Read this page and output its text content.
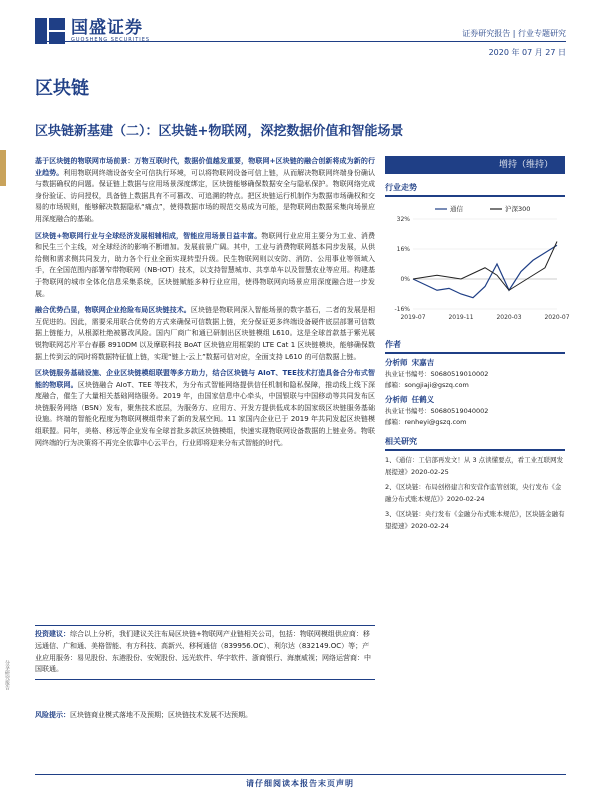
国盛证券
GUOSHENG SECURITIES
证券研究报告 | 行业专题研究
2020 年 07 月 27 日
区块链
区块链新基建（二）：区块链+物联网，深挖数据价值和智能场景

基于区块链的物联网市场前景：万物互联时代，数据价值越发重要，物联网+区块链的融合创新将成为新的行业趋势。利用物联网终端设备安全可信执行环境，可以将物联网设备可信上链，从而解决物联网终端身份确认与数据确权的问题。保证链上数据与应用场景深度绑定，区块链能够确保数据安全与隐私保护。物联网络完成身份验证、访问授权，具备链上数据具有不可篡改、可追溯的特点。把区块链运行机制作为数据市场确权和交易的市场规则，能够解决数据隐私“痛点”，使得数据市场的规范交易成为可能，是物联网由数据采集向场景应用深度融合的基础。

区块链+物联网行业与全球经济发展相辅相成，智能应用场景日益丰富。物联网行业应用主要分为工业、消费和民生三个主线，对全球经济的影响不断增加。发展前景广阔。其中，工业与消费物联网基本同步发展，从供给侧和需求侧共同发力，助力各个行业全面实现转型升级。民生物联网则以安防、消防、公用事业等领域入手，在全国范围内部署窄带物联网（NB-IOT）技术，以支持智慧城市、共享单车以及智慧农业等应用。构建基于物联网的城市全体化信息采集系统，区块链赋能多种行业应用，使得物联网向场景应用深度融合进一步发展。

融合优势凸显，物联网企业抢险布局区块链技术。区块链是物联网深入智能场景的数字基石，二者的发展是相互促进的。因此，需要采用联合优势的方式来确保可信数据上链，充分保证更多终端设备硬件底层部署可信数据上链能力，从根源杜绝被篡改风险。国内厂商广和通已研制出区块链模组 L610。这是全球首款基于紫光展锐物联网芯片平台春藤 8910DM 以及摩联科技 BoAT 区块链应用框架的 LTE Cat 1 区块链模块，能够确保数据上传到云的同时将数据特征值上链，实现“链上-云上”数据可信对应，全面支持 L610 的可信数据上链。

区块链服务基础设施、企业区块链模组联盟等多方助力，结合区块链与 AIoT、TEE技术打造具备合分布式智能的物联网。区块链融合 AIoT、TEE 等技术，为分布式智能网络提供信任机制和隐私保障，推动线上线下深度融合，催生了大量相关基础网络服务。2019 年，由国家信息中心牵头，中国银联与中国移动等共同发布区块链服务网络（BSN）发布，聚焦技术底层，为服务方、应用方、开发方提供低成本的国家级区块链服务基础设施。终端的智能化程度为物联网模组带来了新的发展空间。11 家国内企业已于 2019 年共同发起区块链模组联盟。同年，美格、移远等企业发布全球首批多款区块链模组，快速实现物联网设备数据的上链业务。物联网终端的行为决策将不再完全依靠中心云平台，行业即将迎来分布式智能的时代。

投资建议：综合以上分析，我们建议关注布局区块链+物联网产业链相关公司，包括：物联网模组供应商：移远通信、广和通、美格智能、有方科技、高新兴、移柯通信（839956.OC）、利尔达（832149.OC）等；产业应用服务：易见股份、东港股份、安妮股份、远光软件、华宇软件、浙商银行、海康威视；网络运营商：中国联通。
风险提示：区块链商业模式落地不及预期；区块链技术发展不达预期。
增持（维持）
行业走势
32%
16%
0%
-16%
2019-07	2019-11	2020-03	2020-07
通信	沪深300
作者
分析师 宋嘉吉
执业证书编号：S0680519010002
邮箱：songjiaji@gszq.com
分析师 任鹤义
执业证书编号：S0680519040002
邮箱：renheyi@gszq.com
相关研究
1、《通信：工信部再发文！从 3 点读懂要点，看工业互联网发展提速》2020-02-25
2、《区块链：布局创格建言和安营作监管创策，央行发布《金融分布式账本规范》》2020-02-24
3、《区块链：央行发布《金融分布式账本规范》，区块链金融有望提速》2020-02-24
分享研究报告
请仔细阅读本报告末页声明
